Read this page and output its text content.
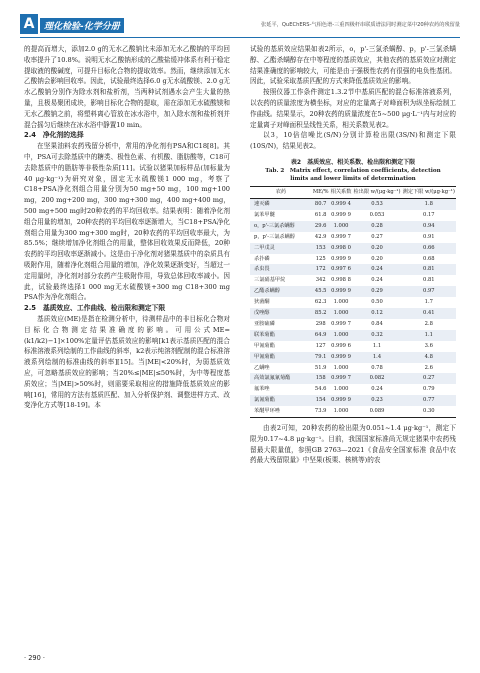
A	理化检验-化学分册	张延平，QuEChERS-气相色谱-三重四极杆串联质谱法同时测定菜中20种农药的残留量

的提高而增大，添加2.0 g的无水乙酸钠比未添加无水乙酸钠的平均回收率提升了10.8%。说明无水乙酸钠形成的乙酸盐缓冲体系有利于稳定提取液的酸碱度，可提升目标化合物的提取效率。然而，继续添加无水乙酸钠会影响回收率。因此，试验最终选择6.0 g无水硫酸镁、2.0 g无水乙酸钠分别作为除水剂和盐析剂，当两种试剂遇水会产生大量的热量，且极易聚团成块，影响目标化合物的提取，需在添加无水硫酸镁和无水乙酸钠之前，将塑料离心管放在冰水浴中，加入除水剂和盐析剂并混合摇匀后继续在冰水浴中静置10 min。

2.4　净化剂的选择

在坚果油料农药残留分析中，常用的净化剂有PSA和C18[8]。其中，PSA可去除基质中的糖类、极性色素、有机酸、脂肪酸等，C18可去除基质中的脂肪等非极性杂质[11]。试验以猪果加标样品(加标量为40 μg·kg⁻¹)为研究对象，固定无水硫酸镁1 000 mg，考察了C18+PSA净化剂组合用量分别为50 mg+50 mg，100 mg+100 mg，200 mg+200 mg，300 mg+300 mg，400 mg+400 mg，500 mg+500 mg时20种农药的平均回收率。结果表明：随着净化剂组合用量的增加，20种农药的平均回收率逐渐增大，当C18+PSA净化剂组合用量为300 mg+300 mg时，20种农药的平均回收率最大，为85.5%；继续增加净化剂组合的用量，整体回收效果反而降低，20种农药的平均回收率逐渐减小。这是由于净化剂对猪果基质中的杂质具有吸附作用，随着净化剂组合用量的增加，净化效果逐渐变好，当超过一定用量时，净化剂对部分农药产生吸附作用，导致总体回收率减小。因此，试验最终选择1 000 mg无水硫酸镁+300 mg C18+300 mg PSA作为净化剂组合。

2.5　基质效应、工作曲线、检出限和测定下限

基质效应(ME)是指在检测分析中，待测样品中的非目标化合物对目标化合物测定结果准确度的影响。可用公式ME=(k1/k2)−1]×100%定量评估基质效应的影响[k1表示基质匹配的混合标准溶液系列绘制的工作曲线的斜率，k2表示纯溶剂配制的混合标准溶液系列绘制的标准曲线的斜率][15]。当|ME|<20%时，为弱基质效应，可忽略基质效应的影响；当20%≤|ME|≤50%时，为中等程度基质效应；当|ME|>50%时，则需要采取相应的措施降低基质效应的影响[16]，常用的方法有基质匹配、加入分析保护剂、调整进样方式、改变净化方式等[18-19]。本

试验的基质效应结果如表2所示，o，p'-三氯杀螨醇、p，p'-三氯杀螨醇、乙酯杀螨醇存在中等程度的基质效应，其他农药的基质效应对测定结果准确度的影响较大，可能是由于强极性农药有很强的电负性基团。因此，试验采取基质匹配的方式来降低基质效应的影响。

按照仪器工作条件测定1.3.2节中基质匹配的混合标准溶液系列，以农药的质量浓度为横坐标，对应的定量离子对峰面积为纵坐标绘制工作曲线。结果显示，20种农药的质量浓度在5~500 μg·L⁻¹内与对应的定量离子对峰面积呈线性关系，相关系数见表2。

以3，10倍信噪比(S/N)分别计算检出限(3S/N)和测定下限(10S/N)，结果见表2。

表2　基质效应、相关系数、检出限和测定下限
Tab. 2　Matrix effect, correlation coefficients, detection
limits and lower limits of determination
农药	ME/%	相关系数	检出限 w/(μg·kg⁻¹)	测定下限 w/(μg·kg⁻¹)
速灭磷	80.7	0.999 4	0.53	1.8
氯苯甲醚	61.8	0.999 9	0.053	0.17
o，p'-三氯杀螨醇	29.6	1.000	0.28	0.94
p，p'-三氯杀螨醇	42.9	0.999 7	0.27	0.91
二甲戊灵	153	0.998 0	0.20	0.66
杀扑磷	125	0.999 9	0.20	0.68
杀虫畏	172	0.997 6	0.24	0.81
三氯硝基甲烷	342	0.998 8	0.24	0.81
乙酯杀螨醇	45.5	0.999 9	0.29	0.97
狄菌酮	62.3	1.000	0.50	1.7
戊唑醇	85.2	1.000	0.12	0.41
亚胺硫磷	298	0.999 7	0.84	2.8
联苯菊酯	64.9	1.000	0.32	1.1
甲氰菊酯	127	0.999 6	1.1	3.6
甲氰菊酯	79.1	0.999 9	1.4	4.8
乙螨唑	51.9	1.000	0.78	2.6
高效氯氟氰菊酯	158	0.999 7	0.082	0.27
氟苯唑	54.6	1.000	0.24	0.79
氯氰菊酯	154	0.999 9	0.23	0.77
苯醚甲环唑	73.9	1.000	0.089	0.30

由表2可知，20种农药的检出限为0.051~1.4 μg·kg⁻¹，测定下限为0.17~4.8 μg·kg⁻¹。目前，我国国家标准尚无规定猪果中农药残留最大限量值，参照GB 2763—2021《食品安全国家标准 食品中农药最大残留限量》中坚果(板栗、核桃等)的农

· 290 ·
